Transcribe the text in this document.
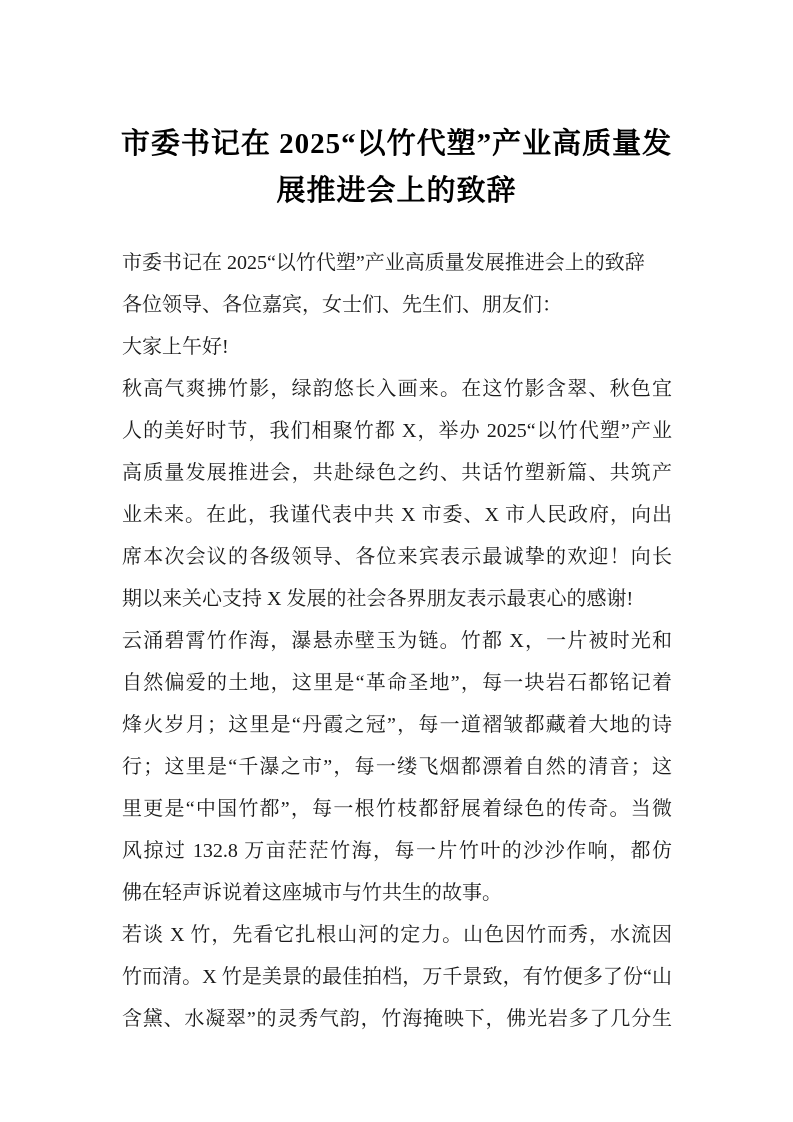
市委书记在 2025“以竹代塑”产业高质量发
展推进会上的致辞
市委书记在 2025“以竹代塑”产业高质量发展推进会上的致辞
各位领导、各位嘉宾，女士们、先生们、朋友们：
大家上午好!
秋高气爽拂竹影，绿韵悠长入画来。在这竹影含翠、秋色宜
人的美好时节，我们相聚竹都 X，举办 2025“以竹代塑”产业
高质量发展推进会，共赴绿色之约、共话竹塑新篇、共筑产
业未来。在此，我谨代表中共 X 市委、X 市人民政府，向出
席本次会议的各级领导、各位来宾表示最诚挚的欢迎！向长
期以来关心支持 X 发展的社会各界朋友表示最衷心的感谢!
云涌碧霄竹作海，瀑悬赤壁玉为链。竹都 X，一片被时光和
自然偏爱的土地，这里是“革命圣地”，每一块岩石都铭记着
烽火岁月；这里是“丹霞之冠”，每一道褶皱都藏着大地的诗
行；这里是“千瀑之市”，每一缕飞烟都漂着自然的清音；这
里更是“中国竹都”，每一根竹枝都舒展着绿色的传奇。当微
风掠过 132.8 万亩茫茫竹海，每一片竹叶的沙沙作响，都仿
佛在轻声诉说着这座城市与竹共生的故事。
若谈 X 竹，先看它扎根山河的定力。山色因竹而秀，水流因
竹而清。X 竹是美景的最佳拍档，万千景致，有竹便多了份“山
含黛、水凝翠”的灵秀气韵，竹海掩映下，佛光岩多了几分生
